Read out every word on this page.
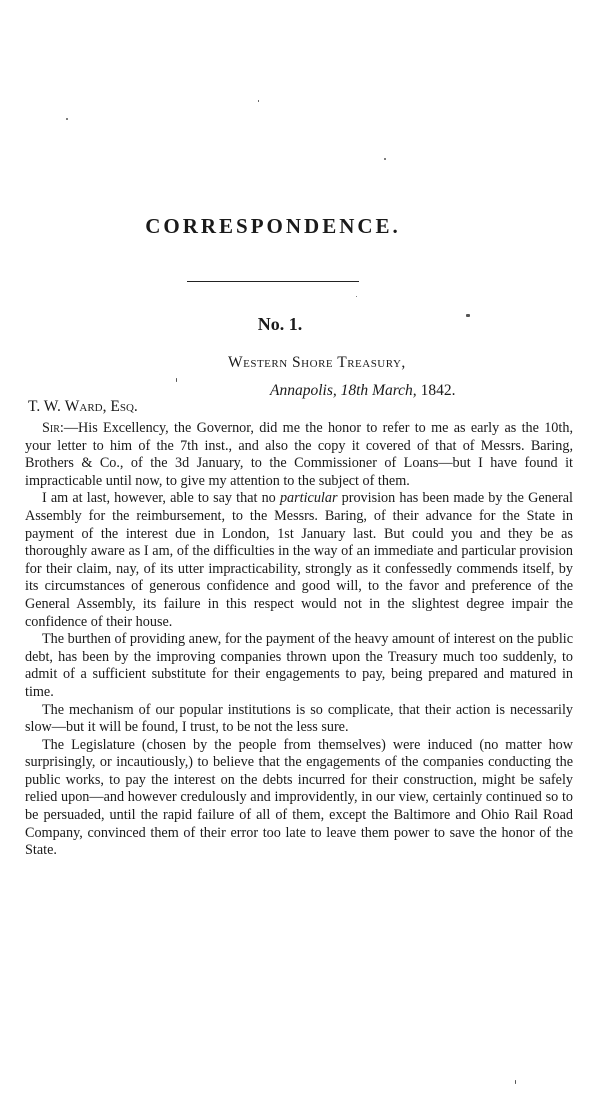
CORRESPONDENCE.
No. 1.
Western Shore Treasury,
Annapolis, 18th March, 1842.
T. W. Ward, Esq.

Sir:—His Excellency, the Governor, did me the honor to refer to me as early as the 10th, your letter to him of the 7th inst., and also the copy it covered of that of Messrs. Baring, Brothers & Co., of the 3d January, to the Commissioner of Loans—but I have found it impracticable until now, to give my attention to the subject of them.

I am at last, however, able to say that no particular provision has been made by the General Assembly for the reimbursement, to the Messrs. Baring, of their advance for the State in payment of the interest due in London, 1st January last. But could you and they be as thoroughly aware as I am, of the difficulties in the way of an immediate and particular provision for their claim, nay, of its utter impracticability, strongly as it confessedly commends itself, by its circumstances of generous confidence and good will, to the favor and preference of the General Assembly, its failure in this respect would not in the slightest degree impair the confidence of their house.

The burthen of providing anew, for the payment of the heavy amount of interest on the public debt, has been by the improving companies thrown upon the Treasury much too suddenly, to admit of a sufficient substitute for their engagements to pay, being prepared and matured in time.

The mechanism of our popular institutions is so complicate, that their action is necessarily slow—but it will be found, I trust, to be not the less sure.

The Legislature (chosen by the people from themselves) were induced (no matter how surprisingly, or incautiously,) to believe that the engagements of the companies conducting the public works, to pay the interest on the debts incurred for their construction, might be safely relied upon—and however credulously and improvidently, in our view, certainly continued so to be persuaded, until the rapid failure of all of them, except the Baltimore and Ohio Rail Road Company, convinced them of their error too late to leave them power to save the honor of the State.
